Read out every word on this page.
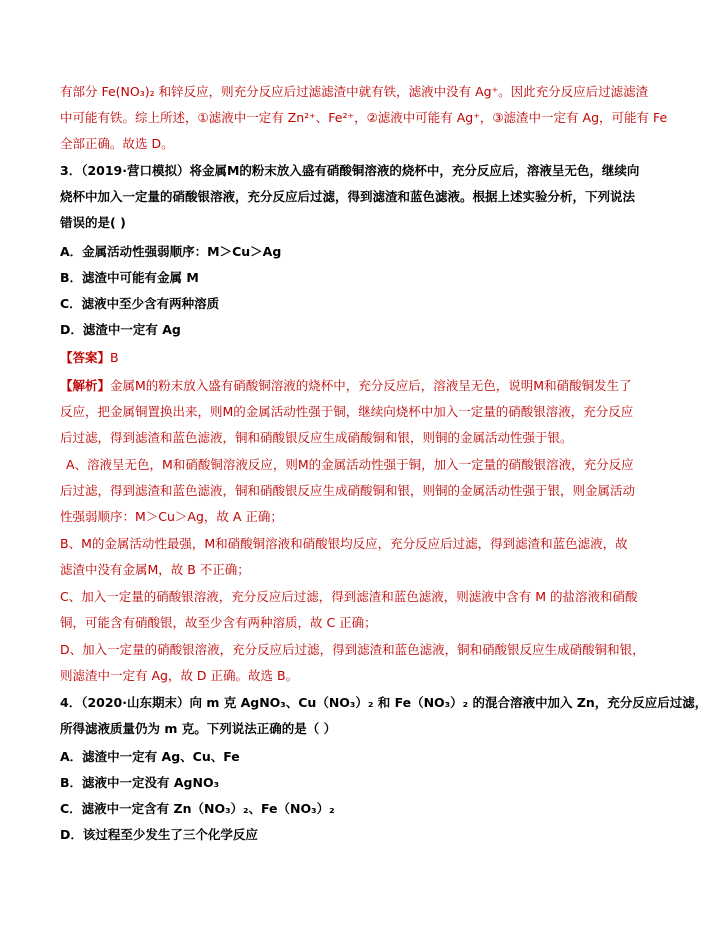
有部分 Fe(NO₃)₂ 和锌反应，则充分反应后过滤滤渣中就有铁，滤液中没有 Ag⁺。因此充分反应后过滤滤渣
中可能有铁。综上所述，①滤液中一定有 Zn²⁺、Fe²⁺，②滤液中可能有 Ag⁺，③滤渣中一定有 Ag，可能有 Fe
全部正确。故选 D。
3．（2019·营口模拟）将金属M的粉末放入盛有硝酸铜溶液的烧杯中，充分反应后，溶液呈无色，继续向
烧杯中加入一定量的硝酸银溶液，充分反应后过滤，得到滤渣和蓝色滤液。根据上述实验分析，下列说法
错误的是( )
A．金属活动性强弱顺序：M＞Cu＞Ag
B．滤渣中可能有金属 M
C．滤液中至少含有两种溶质
D．滤渣中一定有 Ag
【答案】B
【解析】金属M的粉末放入盛有硝酸铜溶液的烧杯中，充分反应后，溶液呈无色，说明M和硝酸铜发生了
反应，把金属铜置换出来，则M的金属活动性强于铜，继续向烧杯中加入一定量的硝酸银溶液，充分反应
后过滤，得到滤渣和蓝色滤液，铜和硝酸银反应生成硝酸铜和银，则铜的金属活动性强于银。
A、溶液呈无色，M和硝酸铜溶液反应，则M的金属活动性强于铜，加入一定量的硝酸银溶液，充分反应
后过滤，得到滤渣和蓝色滤液，铜和硝酸银反应生成硝酸铜和银，则铜的金属活动性强于银，则金属活动
性强弱顺序：M＞Cu＞Ag，故 A 正确；
B、M的金属活动性最强，M和硝酸铜溶液和硝酸银均反应，充分反应后过滤，得到滤渣和蓝色滤液，故
滤渣中没有金属M，故 B 不正确；
C、加入一定量的硝酸银溶液，充分反应后过滤，得到滤渣和蓝色滤液，则滤液中含有 M 的盐溶液和硝酸
铜，可能含有硝酸银，故至少含有两种溶质，故 C 正确；
D、加入一定量的硝酸银溶液，充分反应后过滤，得到滤渣和蓝色滤液，铜和硝酸银反应生成硝酸铜和银，
则滤渣中一定有 Ag，故 D 正确。故选 B。
4．（2020·山东期末）向 m 克 AgNO₃、Cu（NO₃）₂ 和 Fe（NO₃）₂ 的混合溶液中加入 Zn，充分反应后过滤，
所得滤液质量仍为 m 克。下列说法正确的是（ ）
A．滤渣中一定有 Ag、Cu、Fe
B．滤液中一定没有 AgNO₃
C．滤液中一定含有 Zn（NO₃）₂、Fe（NO₃）₂
D．该过程至少发生了三个化学反应
